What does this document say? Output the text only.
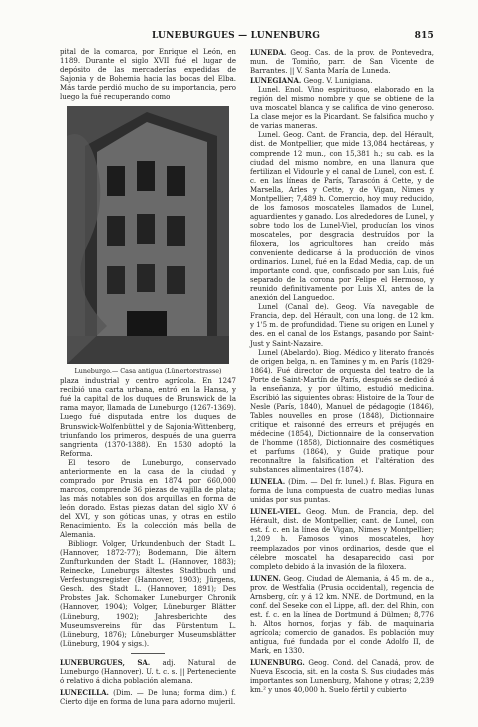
LUNEBURGUES — LUNENBURG	815

pital de la comarca, por Enrique el León, en 1189. Durante el siglo XVII fué el lugar de depósito de las mercaderías expedidas de Sajonia y de Bohemia hacia las bocas del Elba. Más tarde perdió mucho de su importancia, pero luego la fué recuperando como

Luneburgo.— Casa antigua (Lünertorstrasse)

plaza industrial y centro agrícola. En 1247 recibió una carta urbana, entró en la Hansa, y fué la capital de los duques de Brunswick de la rama mayor, llamada de Luneburgo (1267-1369). Luego fué disputada entre los duques de Brunswick-Wolfenbüttel y de Sajonia-Wittenberg, triunfando los primeros, después de una guerra sangrienta (1370-1388). En 1530 adoptó la Reforma.

El tesoro de Luneburgo, conservado anteriormente en la casa de la ciudad y comprado por Prusia en 1874 por 660,000 marcos, comprende 36 piezas de vajilla de plata; las más notables son dos arquillas en forma de león dorado. Estas piezas datan del siglo XV ó del XVI, y son góticas unas, y otras en estilo Renacimiento. Es la colección más bella de Alemania.

Bibliogr. Volger, Urkundenbuch der Stadt L. (Hannover, 1872-77); Bodemann, Die ältern Zunfturkunden der Stadt L. (Hannover, 1883); Reinecke, Luneburgs ältestes Stadtbuch und Verfestungsregister (Hannover, 1903); Jürgens, Gesch. des Stadt L. (Hannover, 1891); Des Probstes Jak. Schomaker Luneburger Chronik (Hannover, 1904); Volger, Lüneburger Blätter (Lüneburg, 1902); Jahresberichte des Museumsvereins für das Fürstentum L. (Lüneburg, 1876); Lüneburger Museumsblätter (Lüneburg, 1904 y sigs.).

LUNEBURGUES, SA. adj. Natural de Luneburgo (Hannover). U. t. c. s. || Perteneciente ó relativo á dicha población alemana.

LUNECILLA. (Dim. — De luna; forma dim.) f. Cierto dije en forma de luna para adorno mujeril.

LUNEDA. Geog. Cas. de la prov. de Pontevedra, mun. de Tomiño, parr. de San Vicente de Barrantes. || V. Santa María de Luneda.

LUNEGIANA. Geog. V. Lunigiana.

Lunel. Enol. Vino espirituoso, elaborado en la región del mismo nombre y que se obtiene de la uva moscatel blanca y se califica de vino generoso. La clase mejor es la Picardant. Se falsifica mucho y de varias maneras.

Lunel. Geog. Cant. de Francia, dep. del Hérault, dist. de Montpellier, que mide 13,084 hectáreas, y comprende 12 mun., con 15,381 h.; su cab. es la ciudad del mismo nombre, en una llanura que fertilizan el Vidourle y el canal de Lunel, con est. f. c. en las líneas de París, Tarascón á Cette, y de Marsella, Arles y Cette, y de Vigan, Nimes y Montpellier; 7,489 h. Comercio, hoy muy reducido, de los famosos moscateles llamados de Lunel, aguardientes y ganado. Los alrededores de Lunel, y sobre todo los de Lunel-Viel, producían los vinos moscateles, por desgracia destruídos por la filoxera, los agricultores han creído más conveniente dedicarse á la producción de vinos ordinarios. Lunel, fué en la Edad Media, cap. de un importante cond. que, confiscado por san Luis, fué separado de la corona por Felipe el Hermoso, y reunido definitivamente por Luis XI, antes de la anexión del Languedoc.

Lunel (Canal de). Geog. Vía navegable de Francia, dep. del Hérault, con una long. de 12 km. y 1'5 m. de profundidad. Tiene su origen en Lunel y des. en el canal de los Estangs, pasando por Saint-Just y Saint-Nazaire.

Lunel (Abelardo). Biog. Médico y literato francés de origen belga, n. en Tamines y m. en París (1829-1864). Fué director de orquesta del teatro de la Porte de Saint-Martín de París, después se dedicó á la enseñanza, y por último, estudió medicina. Escribió las siguientes obras: Histoire de la Tour de Nesle (París, 1840), Manuel de pédagogie (1846), Tables nouvelles en prose (1848), Dictionnaire critique et raisonné des erreurs et préjugés en médecine (1854), Dictionnaire de la conservation de l'homme (1858), Dictionnaire des cosmétiques et parfums (1864), y Guide pratique pour reconnaître la falsification et l'altération des substances alimentaires (1874).

LUNELA. (Dim. — Del fr. lunel.) f. Blas. Figura en forma de luna compuesta de cuatro medias lunas unidas por sus puntas.

LUNEL-VIEL. Geog. Mun. de Francia, dep. del Hérault, dist. de Montpellier, cant. de Lunel, con est. f. c. en la línea de Vigan, Nimes y Montpellier; 1,209 h. Famosos vinos moscateles, hoy reemplazados por vinos ordinarios, desde que el célebre moscatel ha desaparecido casi por completo debido á la invasión de la filoxera.

LUNEN. Geog. Ciudad de Alemania, á 45 m. de a., prov. de Westfalia (Prusia occidental), regencia de Arnsberg, cír. y á 12 km. NNE. de Dortmund, en la conf. del Seseke con el Lippe, afl. der. del Rhin, con est. f. c. en la línea de Dortmund á Dülmen; 8,776 h. Altos hornos, forjas y fáb. de maquinaria agrícola; comercio de ganados. Es población muy antigua, fué fundada por el conde Adolfo II, de Mark, en 1330.

LUNENBURG. Geog. Cond. del Canadá, prov. de Nueva Escocia, sit. en la costa S. Sus ciudades más importantes son Lunenburg, Mahone y otras; 2,239 km.² y unos 40,000 h. Suelo fértil y cubierto
